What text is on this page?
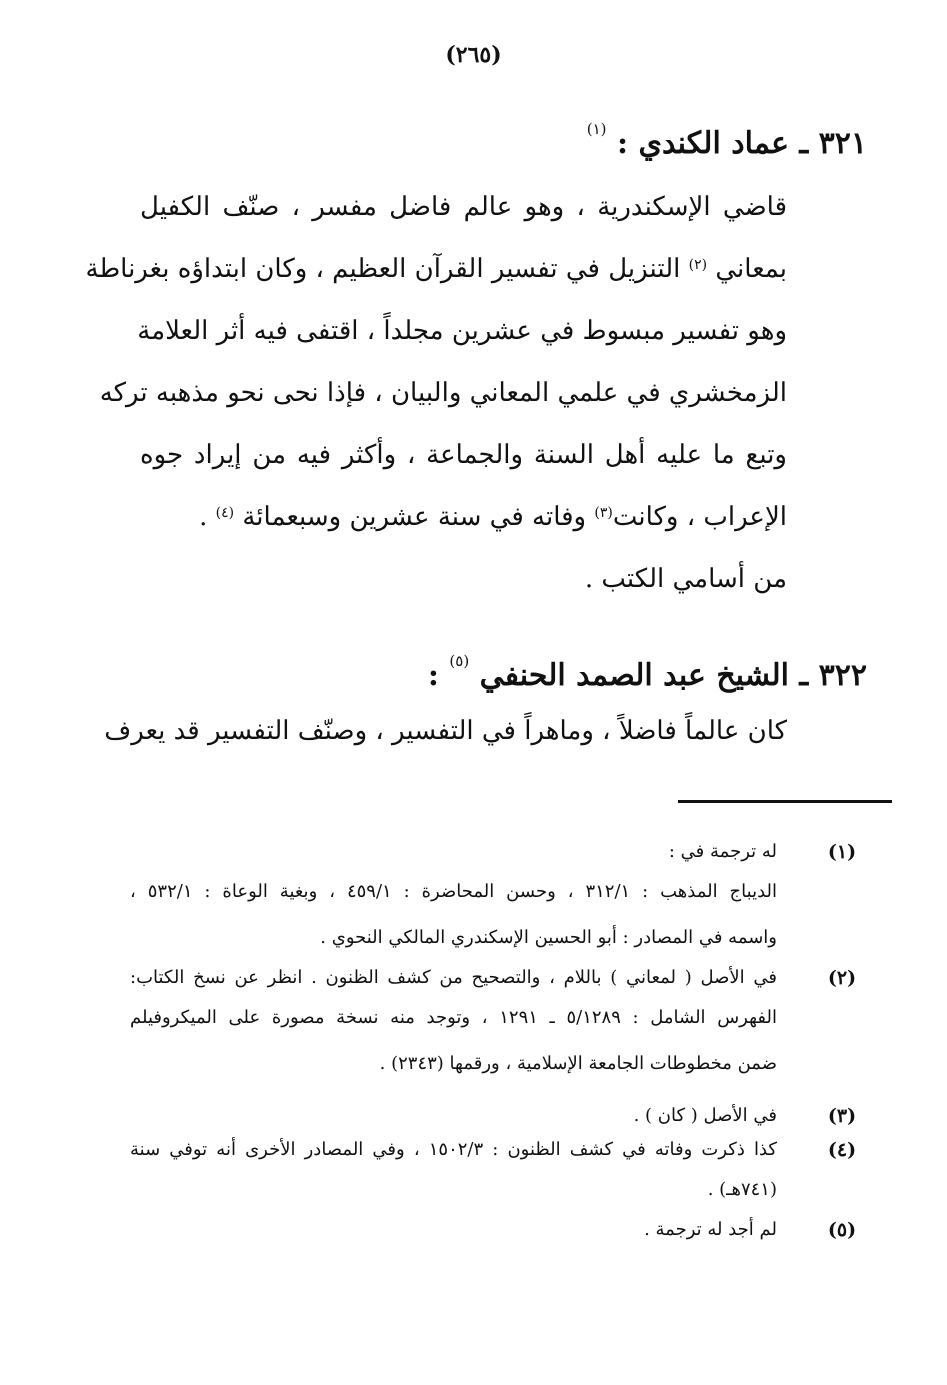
(٢٦٥)
٣٢١ ـ عماد الكندي : $^{(١)}$
قاضي الإسكندرية ، وهو عالم فاضل مفسر ، صنّف الكفيل
بمعاني $^{(٢)}$ التنزيل في تفسير القرآن العظيم ، وكان ابتداؤه بغرناطة
وهو تفسير مبسوط في عشرين مجلداً ، اقتفى فيه أثر العلامة
الزمخشري في علمي المعاني والبيان ، فإذا نحى نحو مذهبه تركه
وتبع ما عليه أهل السنة والجماعة ، وأكثر فيه من إيراد جوه
الإعراب ، وكانت$^{(٣)}$ وفاته في سنة عشرين وسبعمائة $^{(٤)}$ .
من أسامي الكتب .
٣٢٢ ـ الشيخ عبد الصمد الحنفي $^{(٥)}$ :
كان عالماً فاضلاً ، وماهراً في التفسير ، وصنّف التفسير قد يعرف
(١)
له ترجمة في :
الديباج المذهب : ٣١٢/١ ، وحسن المحاضرة : ٤٥٩/١ ، وبغية الوعاة : ٥٣٢/١ ،
واسمه في المصادر : أبو الحسين الإسكندري المالكي النحوي .
(٢)
في الأصل ( لمعاني ) باللام ، والتصحيح من كشف الظنون . انظر عن نسخ الكتاب:
الفهرس الشامل : ٥/١٢٨٩ ـ ١٢٩١ ، وتوجد منه نسخة مصورة على الميكروفيلم
ضمن مخطوطات الجامعة الإسلامية ، ورقمها (٢٣٤٣) .
(٣)
في الأصل ( كان ) .
(٤)
كذا ذكرت وفاته في كشف الظنون : ١٥٠٢/٣ ، وفي المصادر الأخرى أنه توفي سنة
(٧٤١هـ) .
(٥)
لم أجد له ترجمة .
